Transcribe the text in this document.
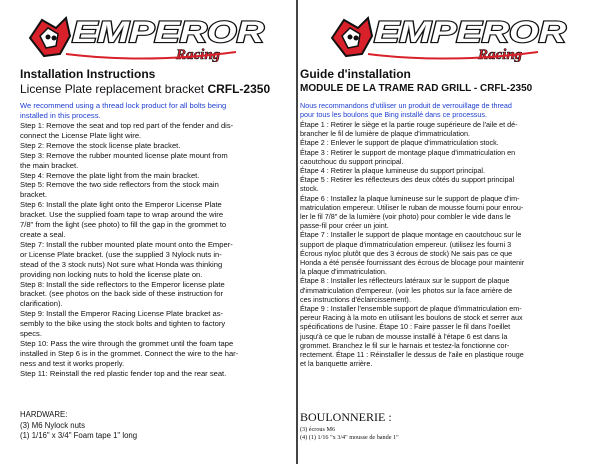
EMPEROR
Racing
Installation Instructions
License Plate replacement bracket CRFL-2350
We recommend using a thread lock product for all bolts being
installed in this process.
Step 1: Remove the seat and top red part of the fender and dis-
connect the License Plate light wire.
Step 2: Remove the stock license plate bracket.
Step 3: Remove the rubber mounted license plate mount from
the main bracket.
Step 4: Remove the plate light from the main bracket.
Step 5: Remove the two side reflectors from the stock main
bracket.
Step 6: Install the plate light onto the Emperor License Plate
bracket. Use the supplied foam tape to wrap around the wire
7/8" from the light (see photo) to fill the gap in the grommet to
create a seal.
Step 7: Install the rubber mounted plate mount onto the Emper-
or License Plate bracket. (use the supplied 3 Nylock nuts in-
stead of the 3 stock nuts) Not sure what Honda was thinking
providing non locking nuts to hold the license plate on.
Step 8: Install the side reflectors to the Emperor license plate
bracket. (see photos on the back side of these instruction for
clarification).
Step 9: Install the Emperor Racing License Plate bracket as-
sembly to the bike using the stock bolts and tighten to factory
specs.
Step 10: Pass the wire through the grommet until the foam tape
installed in Step 6 is in the grommet. Connect the wire to the har-
ness and test it works properly.
Step 11: Reinstall the red plastic fender top and the rear seat.
HARDWARE:
(3) M6 Nylock nuts
(1) 1/16" x 3/4" Foam tape 1" long
EMPEROR
Racing
Guide d'installation
MODULE DE LA TRAME RAD GRILL - CRFL-2350
Nous recommandons d'utiliser un produit de verrouillage de thread
pour tous les boulons que Bing installé dans ce processus.
Étape 1 : Retirer le siège et la partie rouge supérieure de l'aile et dé-
brancher le fil de lumière de plaque d'immatriculation.
Étape 2 : Enlever le support de plaque d'immatriculation stock.
Étape 3 : Retirer le support de montage plaque d'immatriculation en
caoutchouc du support principal.
Étape 4 : Retirer la plaque lumineuse du support principal.
Étape 5 : Retirer les réflecteurs des deux côtés du support principal
stock.
Étape 6 : Installez la plaque lumineuse sur le support de plaque d'im-
matriculation empereur. Utiliser le ruban de mousse fourni pour enrou-
ler le fil 7/8" de la lumière (voir photo) pour combler le vide dans le
passe-fil pour créer un joint.
Étape 7 : Installer le support de plaque montage en caoutchouc sur le
support de plaque d'immatriculation empereur. (utilisez les fourni 3
Écrous nylоc plutôt que des 3 écrous de stock) Ne sais pas ce que
Honda a été pensée fournissant des écrous de blocage pour maintenir
la plaque d'immatriculation.
Étape 8 : Installer les réflecteurs latéraux sur le support de plaque
d'immatriculation d'empereur. (voir les photos sur la face arrière de
ces instructions d'éclaircissement).
Étape 9 : Installer l'ensemble support de plaque d'immatriculation em-
pereur Racing à la moto en utilisant les boulons de stock et serrer aux
spécifications de l'usine. Étape 10 : Faire passer le fil dans l'oeillet
jusqu'à ce que le ruban de mousse installé à l'étape 6 est dans la
grommet. Branchez le fil sur le harnais et testez-la fonctionne cor-
rectement. Étape 11 : Réinstaller le dessus de l'aile en plastique rouge
et la banquette arrière.
BOULONNERIE :
(3) écrous M6
(4) (1) 1/16 "x 3/4" mousse de bande 1"
